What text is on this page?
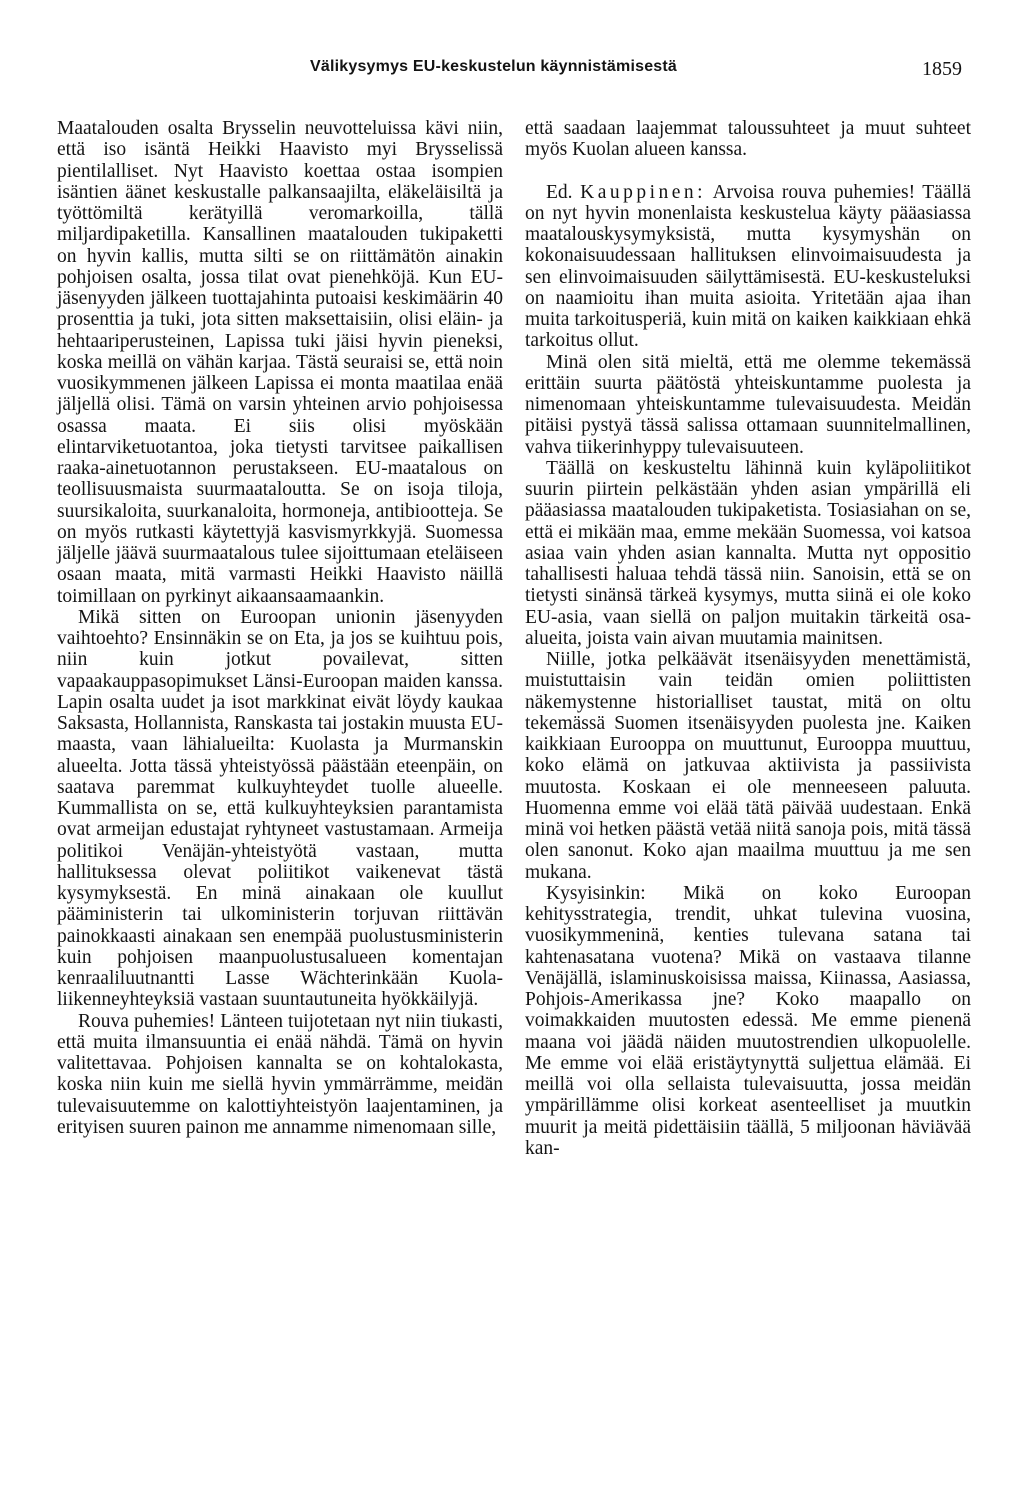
Välikysymys EU-keskustelun käynnistämisestä	1859

Maatalouden osalta Brysselin neuvotteluissa kävi niin, että iso isäntä Heikki Haavisto myi Brysselissä pientilalliset. Nyt Haavisto koettaa ostaa isompien isäntien äänet keskustalle palkansaajilta, eläkeläisiltä ja työttömiltä kerätyillä veromarkoilla, tällä miljardipaketilla. Kansallinen maatalouden tukipaketti on hyvin kallis, mutta silti se on riittämätön ainakin pohjoisen osalta, jossa tilat ovat pienehköjä. Kun EU-jäsenyyden jälkeen tuottajahinta putoaisi keskimäärin 40 prosenttia ja tuki, jota sitten maksettaisiin, olisi eläin- ja hehtaariperusteinen, Lapissa tuki jäisi hyvin pieneksi, koska meillä on vähän karjaa. Tästä seuraisi se, että noin vuosikymmenen jälkeen Lapissa ei monta maatilaa enää jäljellä olisi. Tämä on varsin yhteinen arvio pohjoisessa osassa maata. Ei siis olisi myöskään elintarviketuotantoa, joka tietysti tarvitsee paikallisen raaka-ainetuotannon perustakseen. EU-maatalous on teollisuusmaista suurmaataloutta. Se on isoja tiloja, suursikaloita, suurkanaloita, hormoneja, antibiootteja. Se on myös rutkasti käytettyjä kasvismyrkkyjä. Suomessa jäljelle jäävä suurmaatalous tulee sijoittumaan eteläiseen osaan maata, mitä varmasti Heikki Haavisto näillä toimillaan on pyrkinyt aikaansaamaankin.

Mikä sitten on Euroopan unionin jäsenyyden vaihtoehto? Ensinnäkin se on Eta, ja jos se kuihtuu pois, niin kuin jotkut povailevat, sitten vapaakauppasopimukset Länsi-Euroopan maiden kanssa. Lapin osalta uudet ja isot markkinat eivät löydy kaukaa Saksasta, Hollannista, Ranskasta tai jostakin muusta EU-maasta, vaan lähialueilta: Kuolasta ja Murmanskin alueelta. Jotta tässä yhteistyössä päästään eteenpäin, on saatava paremmat kulkuyhteydet tuolle alueelle. Kummallista on se, että kulkuyhteyksien parantamista ovat armeijan edustajat ryhtyneet vastustamaan. Armeija politikoi Venäjän-yhteistyötä vastaan, mutta hallituksessa olevat poliitikot vaikenevat tästä kysymyksestä. En minä ainakaan ole kuullut pääministerin tai ulkoministerin torjuvan riittävän painokkaasti ainakaan sen enempää puolustusministerin kuin pohjoisen maanpuolustusalueen komentajan kenraaliluutnantti Lasse Wächterinkään Kuola-liikenneyhteyksiä vastaan suuntautuneita hyökkäilyjä.

Rouva puhemies! Länteen tuijotetaan nyt niin tiukasti, että muita ilmansuuntia ei enää nähdä. Tämä on hyvin valitettavaa. Pohjoisen kannalta se on kohtalokasta, koska niin kuin me siellä hyvin ymmärrämme, meidän tulevaisuutemme on kalottiyhteistyön laajentaminen, ja erityisen suuren painon me annamme nimenomaan sille,

että saadaan laajemmat taloussuhteet ja muut suhteet myös Kuolan alueen kanssa.

Ed. Kauppinen: Arvoisa rouva puhemies! Täällä on nyt hyvin monenlaista keskustelua käyty pääasiassa maatalouskysymyksistä, mutta kysymyshän on kokonaisuudessaan hallituksen elinvoimaisuudesta ja sen elinvoimaisuuden säilyttämisestä. EU-keskusteluksi on naamioitu ihan muita asioita. Yritetään ajaa ihan muita tarkoitusperiä, kuin mitä on kaiken kaikkiaan ehkä tarkoitus ollut.

Minä olen sitä mieltä, että me olemme tekemässä erittäin suurta päätöstä yhteiskuntamme puolesta ja nimenomaan yhteiskuntamme tulevaisuudesta. Meidän pitäisi pystyä tässä salissa ottamaan suunnitelmallinen, vahva tiikerinhyppy tulevaisuuteen.

Täällä on keskusteltu lähinnä kuin kyläpoliitikot suurin piirtein pelkästään yhden asian ympärillä eli pääasiassa maatalouden tukipaketista. Tosiasiahan on se, että ei mikään maa, emme mekään Suomessa, voi katsoa asiaa vain yhden asian kannalta. Mutta nyt oppositio tahallisesti haluaa tehdä tässä niin. Sanoisin, että se on tietysti sinänsä tärkeä kysymys, mutta siinä ei ole koko EU-asia, vaan siellä on paljon muitakin tärkeitä osa-alueita, joista vain aivan muutamia mainitsen.

Niille, jotka pelkäävät itsenäisyyden menettämistä, muistuttaisin vain teidän omien poliittisten näkemystenne historialliset taustat, mitä on oltu tekemässä Suomen itsenäisyyden puolesta jne. Kaiken kaikkiaan Eurooppa on muuttunut, Eurooppa muuttuu, koko elämä on jatkuvaa aktiivista ja passiivista muutosta. Koskaan ei ole menneeseen paluuta. Huomenna emme voi elää tätä päivää uudestaan. Enkä minä voi hetken päästä vetää niitä sanoja pois, mitä tässä olen sanonut. Koko ajan maailma muuttuu ja me sen mukana.

Kysyisinkin: Mikä on koko Euroopan kehitysstrategia, trendit, uhkat tulevina vuosina, vuosikymmeninä, kenties tulevana satana tai kahtenasatana vuotena? Mikä on vastaava tilanne Venäjällä, islaminuskoisissa maissa, Kiinassa, Aasiassa, Pohjois-Amerikassa jne? Koko maapallo on voimakkaiden muutosten edessä. Me emme pienenä maana voi jäädä näiden muutostrendien ulkopuolelle. Me emme voi elää eristäytynyttä suljettua elämää. Ei meillä voi olla sellaista tulevaisuutta, jossa meidän ympärillämme olisi korkeat asenteelliset ja muutkin muurit ja meitä pidettäisiin täällä, 5 miljoonan häviävää kan-
